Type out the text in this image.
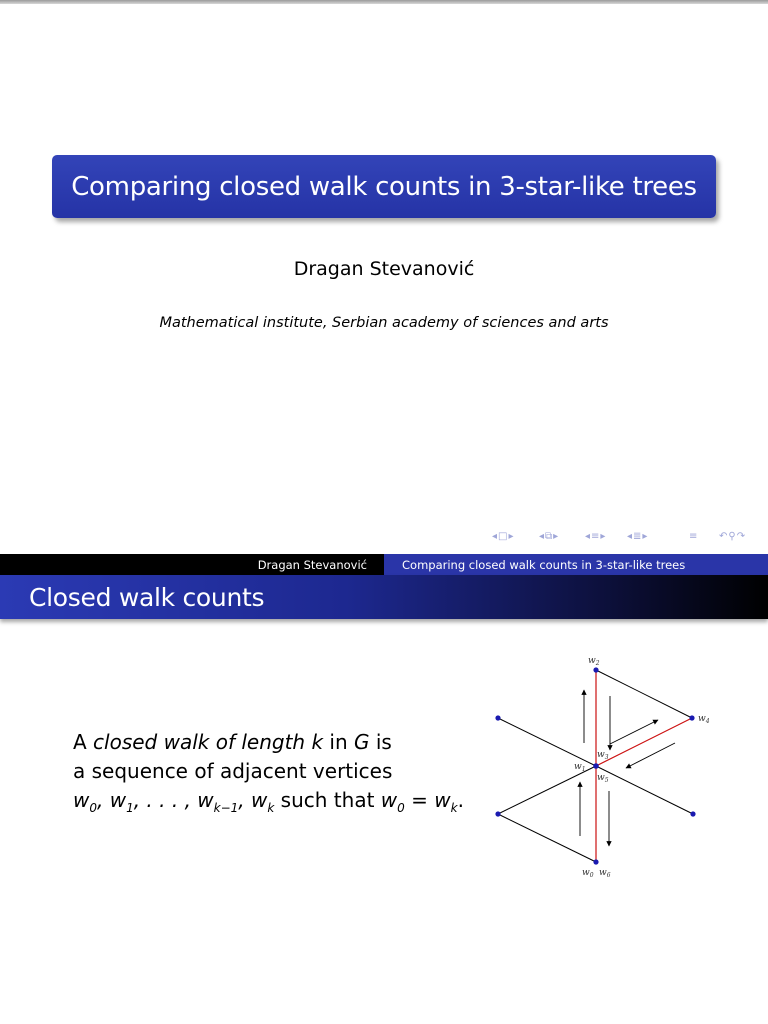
Comparing closed walk counts in 3-star-like trees
Dragan Stevanović
Mathematical institute, Serbian academy of sciences and arts
◂ □ ▸	◂ ⧉ ▸	◂ ≡ ▸ ◂ ≣ ▸	≡ ↶ ⚲ ↷
Dragan Stevanović	Comparing closed walk counts in 3-star-like trees
Closed walk counts
A closed walk of length k in G is
a sequence of adjacent vertices
$w_0$, $w_1$, . . . , $w_{k-1}$, $w_k$ such that $w_0 = w_k$.
$w_2$
$w_4$
$w_3$
$w_1$
$w_5$
$w_0$ $w_6$
